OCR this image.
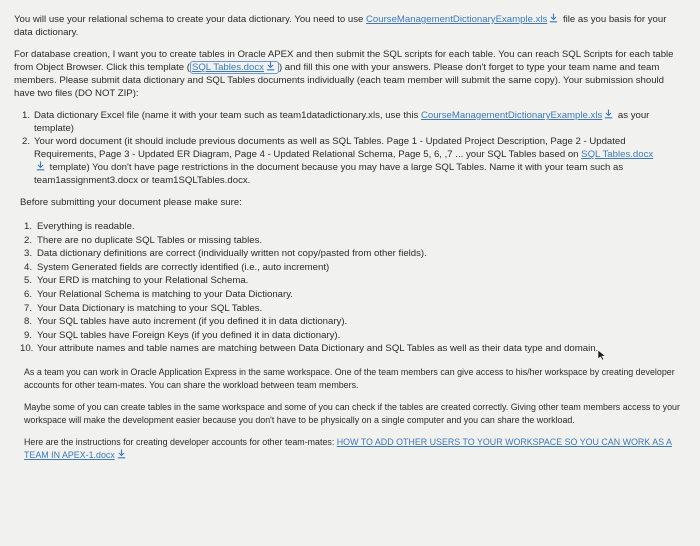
You will use your relational schema to create your data dictionary. You need to use CourseManagementDictionaryExample.xls
file as you basis for your data dictionary.

For database creation, I want you to create tables in Oracle APEX and then submit the SQL scripts for each table. You can reach SQL Scripts for each table from Object Browser. Click this template ( SQL Tables.docx ) and fill this one with your answers. Please don't forget to type your team name and team members. Please submit data dictionary and SQL Tables documents individually (each team member will submit the same copy). Your submission should have two files (DO NOT ZIP):

1. Data dictionary Excel file (name it with your team such as team1datadictionary.xls, use this CourseManagementDictionaryExample.xls
as your template)
2. Your word document (it should include previous documents as well as SQL Tables. Page 1 - Updated Project Description, Page 2 - Updated Requirements, Page 3 - Updated ER Diagram, Page 4 - Updated Relational Schema, Page 5, 6, ,7 ... your SQL Tables based on SQL Tables.docx

template) You don't have page restrictions in the document because you may have a large SQL Tables. Name it with your team such as team1assignment3.docx or team1SQLTables.docx.

Before submitting your document please make sure:

1. Everything is readable.
2. There are no duplicate SQL Tables or missing tables.
3. Data dictionary definitions are correct (individually written not copy/pasted from other fields).
4. System Generated fields are correctly identified (i.e., auto increment)
5. Your ERD is matching to your Relational Schema.
6. Your Relational Schema is matching to your Data Dictionary.
7. Your Data Dictionary is matching to your SQL Tables.
8. Your SQL tables have auto increment (if you defined it in data dictionary).
9. Your SQL tables have Foreign Keys (if you defined it in data dictionary).
10. Your attribute names and table names are matching between Data Dictionary and SQL Tables as well as their data type and domain.

As a team you can work in Oracle Application Express in the same workspace. One of the team members can give access to his/her workspace by creating developer accounts for other team-mates. You can share the workload between team members.

Maybe some of you can create tables in the same workspace and some of you can check if the tables are created correctly. Giving other team members access to your workspace will make the development easier because you don't have to be physically on a single computer and you can share the workload.

Here are the instructions for creating developer accounts for other team-mates: HOW TO ADD OTHER USERS TO YOUR WORKSPACE SO YOU CAN WORK AS A TEAM IN APEX-1.docx
